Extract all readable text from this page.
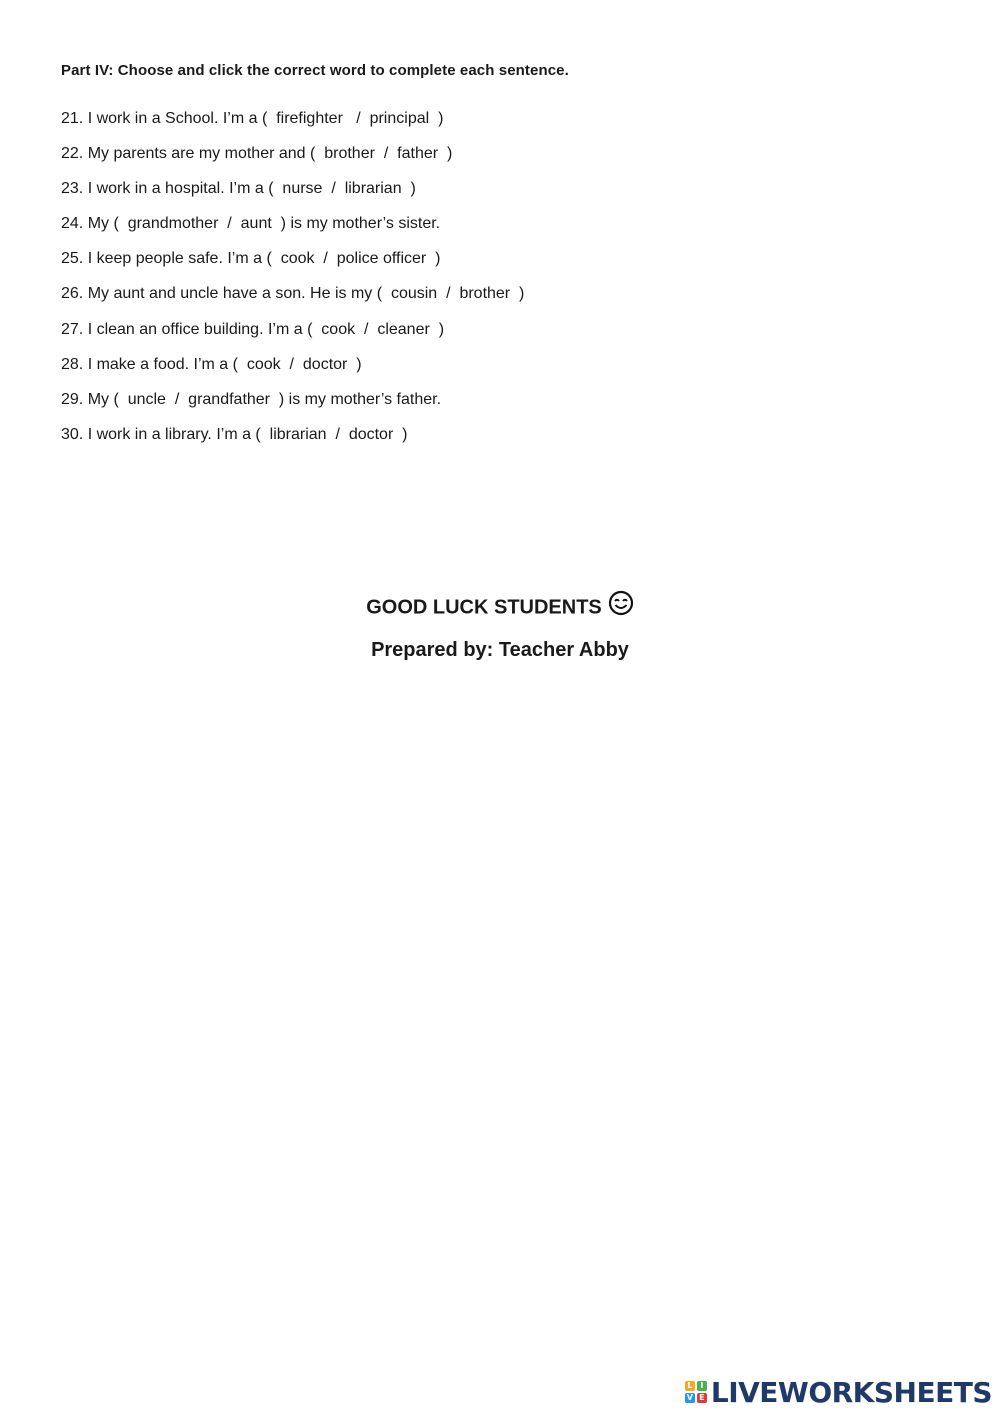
Part IV: Choose and click the correct word to complete each sentence.
21. I work in a School. I’m a (  firefighter   /  principal  )
22. My parents are my mother and (  brother  /  father  )
23. I work in a hospital. I’m a (  nurse  /  librarian  )
24. My (  grandmother  /  aunt  ) is my mother’s sister.
25. I keep people safe. I’m a (  cook  /  police officer  )
26. My aunt and uncle have a son. He is my (  cousin  /  brother  )
27. I clean an office building. I’m a (  cook  /  cleaner  )
28. I make a food. I’m a (  cook  /  doctor  )
29. My (  uncle  /  grandfather  ) is my mother’s father.
30. I work in a library. I’m a (  librarian  /  doctor  )
GOOD LUCK STUDENTS
Prepared by: Teacher Abby
L I
V E LIVEWORKSHEETS
